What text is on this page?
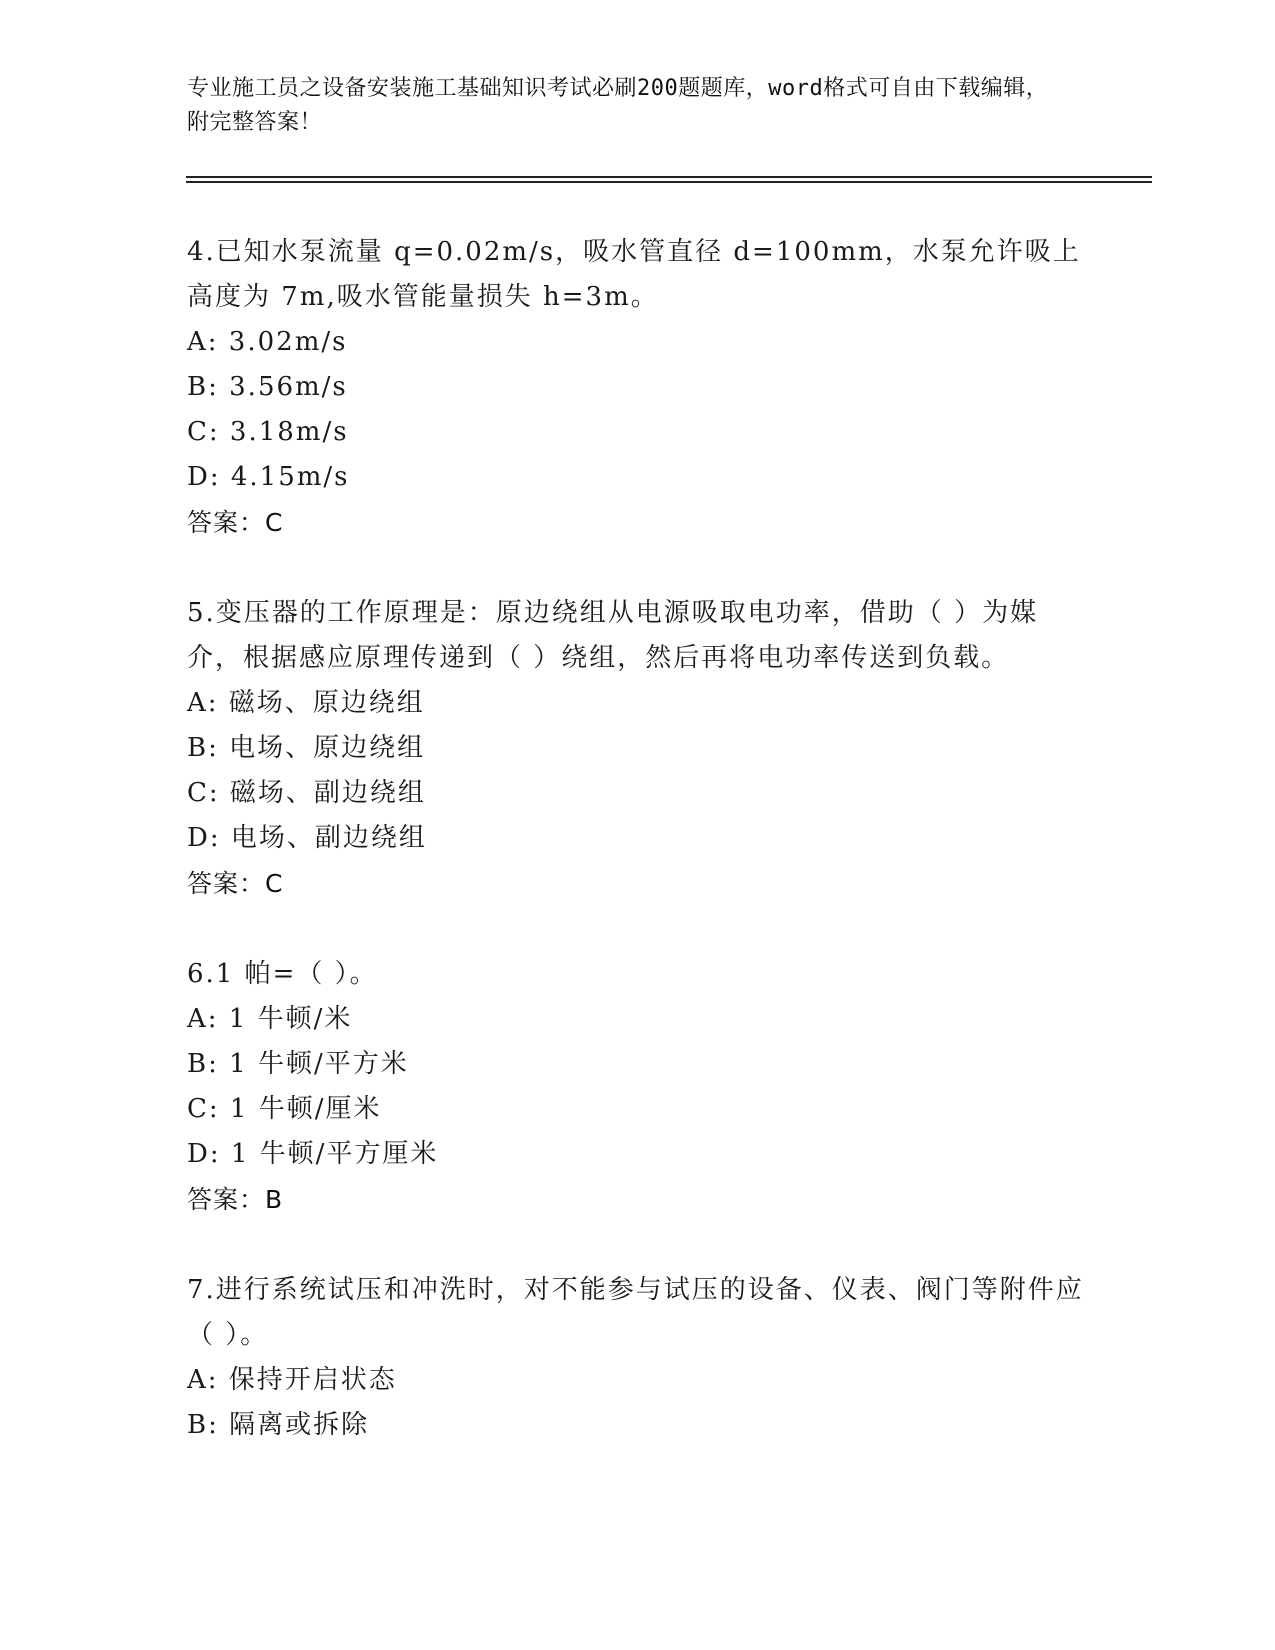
专业施工员之设备安装施工基础知识考试必刷200题题库，word格式可自由下载编辑，附完整答案！
4.已知水泵流量 q=0.02m/s，吸水管直径 d=100mm，水泵允许吸上高度为 7m,吸水管能量损失 h=3m。
A: 3.02m/s
B: 3.56m/s
C: 3.18m/s
D: 4.15m/s
答案：C
5.变压器的工作原理是：原边绕组从电源吸取电功率，借助（ ）为媒介，根据感应原理传递到（ ）绕组，然后再将电功率传送到负载。
A: 磁场、原边绕组
B: 电场、原边绕组
C: 磁场、副边绕组
D: 电场、副边绕组
答案：C
6.1 帕=（ ）。
A: 1 牛顿/米
B: 1 牛顿/平方米
C: 1 牛顿/厘米
D: 1 牛顿/平方厘米
答案：B
7.进行系统试压和冲洗时，对不能参与试压的设备、仪表、阀门等附件应（ ）。
A: 保持开启状态
B: 隔离或拆除
